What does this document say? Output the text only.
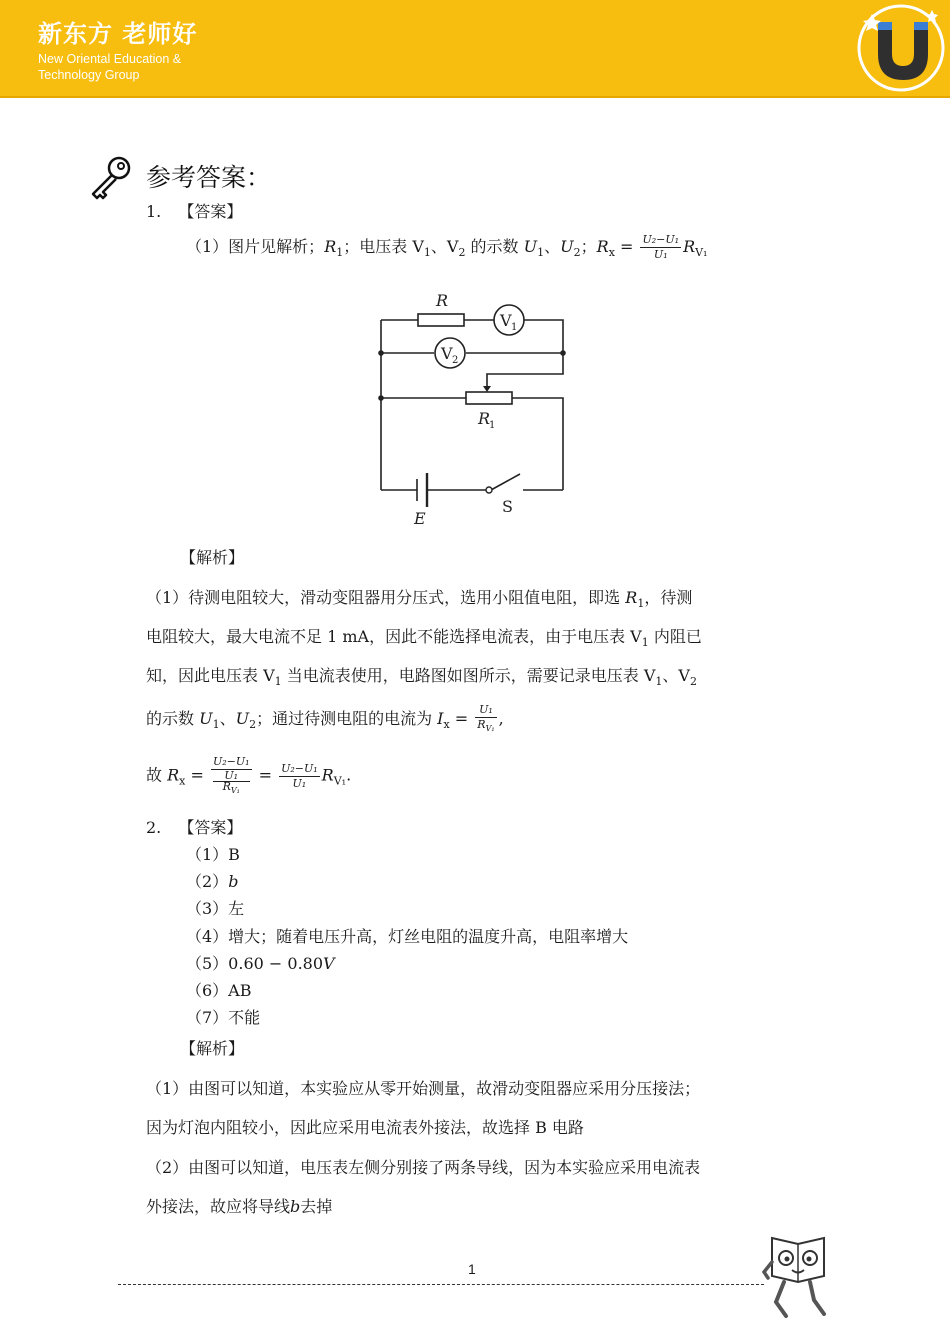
新东方 老师好
New Oriental Education &
Technology Group
参考答案：
1. 【答案】
（1）图片见解析；$R_1$；电压表 $V_1$、$V_2$ 的示数 $U_1$、$U_2$；$R_x = \frac{\text{U₂−U₁}}{\text{U₁}} R_{V_1}$
R
V 1
V 2
R
1
E
S
【解析】
（1）待测电阻较大，滑动变阻器用分压式，选用小阻值电阻，即选 $R_1$，待测
电阻较大，最大电流不足 1 mA，因此不能选择电流表，由于电压表 $V_1$ 内阻已
知，因此电压表 $V_1$ 当电流表使用，电路图如图所示，需要记录电压表 $V_1$、$V_2$
的示数 $U_1$、$U_2$；通过待测电阻的电流为 $I_x = \frac{\text{U₁}}{R_{V_1}}$ ,
故 $R_x = U_2-U_1$
U₁
$R_{V_1} = \frac{\text{U₂−U₁}}{\text{U₁}} R_{V_1}$.
2. 【答案】
（1）B
（2）b
（3）左
（4）增大；随着电压升高，灯丝电阻的温度升高，电阻率增大
（5）0.60 − 0.80V
（6）AB
（7）不能
【解析】
（1）由图可以知道，本实验应从零开始测量，故滑动变阻器应采用分压接法；
因为灯泡内阻较小，因此应采用电流表外接法，故选择 B 电路
（2）由图可以知道，电压表左侧分别接了两条导线，因为本实验应采用电流表
外接法，故应将导线b去掉
1
